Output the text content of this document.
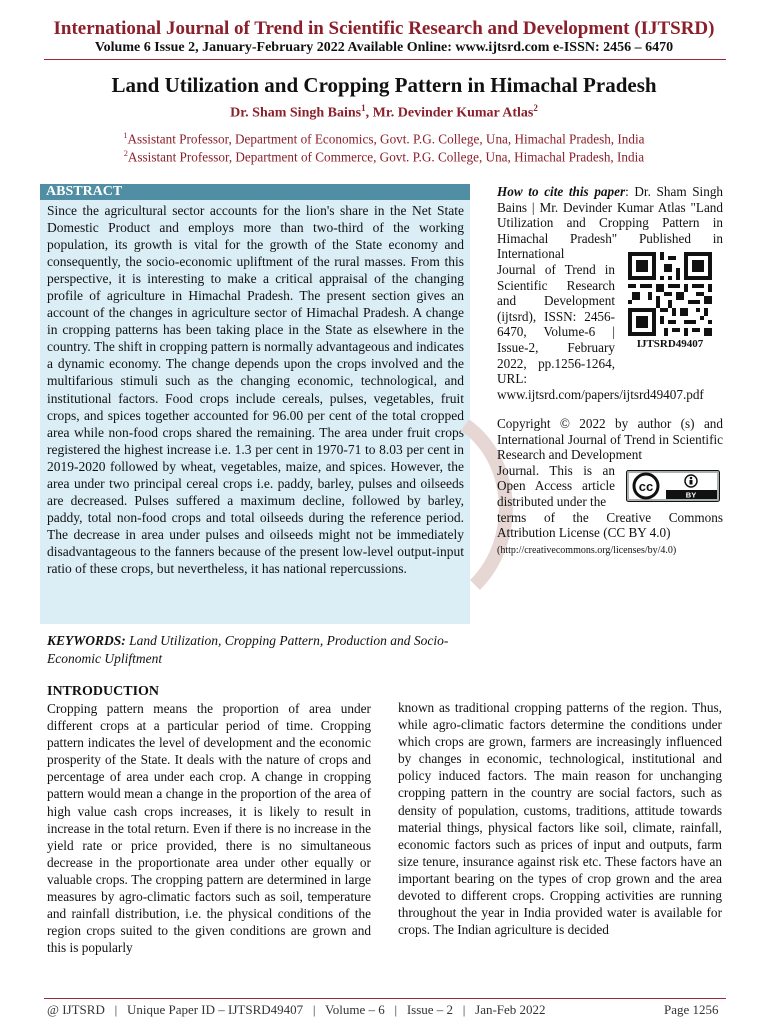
International Journal of Trend in Scientific Research and Development (IJTSRD)
Volume 6 Issue 2, January-February 2022 Available Online: www.ijtsrd.com e-ISSN: 2456 – 6470
Land Utilization and Cropping Pattern in Himachal Pradesh
Dr. Sham Singh Bains$^1$, Mr. Devinder Kumar Atlas$^2$
$^1$Assistant Professor, Department of Economics, Govt. P.G. College, Una, Himachal Pradesh, India
$^2$Assistant Professor, Department of Commerce, Govt. P.G. College, Una, Himachal Pradesh, India
ABSTRACT
Since the agricultural sector accounts for the lion's share in the Net State Domestic Product and employs more than two-third of the working population, its growth is vital for the growth of the State economy and consequently, the socio-economic upliftment of the rural masses. From this perspective, it is interesting to make a critical appraisal of the changing profile of agriculture in Himachal Pradesh. The present section gives an account of the changes in agriculture sector of Himachal Pradesh. A change in cropping patterns has been taking place in the State as elsewhere in the country. The shift in cropping pattern is normally advantageous and indicates a dynamic economy. The change depends upon the crops involved and the multifarious stimuli such as the changing economic, technological, and institutional factors. Food crops include cereals, pulses, vegetables, fruit crops, and spices together accounted for 96.00 per cent of the total cropped area while non-food crops shared the remaining. The area under fruit crops registered the highest increase i.e. 1.3 per cent in 1970-71 to 8.03 per cent in 2019-2020 followed by wheat, vegetables, maize, and spices. However, the area under two principal cereal crops i.e. paddy, barley, pulses and oilseeds are decreased. Pulses suffered a maximum decline, followed by barley, paddy, total non-food crops and total oilseeds during the reference period. The decrease in area under pulses and oilseeds might not be immediately disadvantageous to the fanners because of the present low-level output-input ratio of these crops, but nevertheless, it has national repercussions.
KEYWORDS: Land Utilization, Cropping Pattern, Production and Socio-Economic Upliftment
How to cite this paper: Dr. Sham Singh Bains | Mr. Devinder Kumar Atlas "Land Utilization and Cropping Pattern in Himachal Pradesh" Published in International
Journal of Trend in Scientific Research and Development (ijtsrd), ISSN: 2456-6470, Volume-6 | Issue-2, February 2022, pp.1256-1264, URL:
www.ijtsrd.com/papers/ijtsrd49407.pdf
IJTSRD49407
Copyright © 2022 by author (s) and International Journal of Trend in Scientific Research and Development
Journal. This is an Open Access article distributed under the
terms of the Creative Commons Attribution License (CC BY 4.0)
(http://creativecommons.org/licenses/by/4.0)
cc
BY
INTRODUCTION
Cropping pattern means the proportion of area under different crops at a particular period of time. Cropping pattern indicates the level of development and the economic prosperity of the State. It deals with the nature of crops and percentage of area under each crop. A change in cropping pattern would mean a change in the proportion of the area of high value cash crops increases, it is likely to result in increase in the total return. Even if there is no increase in the yield rate or price provided, there is no simultaneous decrease in the proportionate area under other equally or valuable crops. The cropping pattern are determined in large measures by agro-climatic factors such as soil, temperature and rainfall distribution, i.e. the physical conditions of the region crops suited to the given conditions are grown and this is popularly
known as traditional cropping patterns of the region. Thus, while agro-climatic factors determine the conditions under which crops are grown, farmers are increasingly influenced by changes in economic, technological, institutional and policy induced factors. The main reason for unchanging cropping pattern in the country are social factors, such as density of population, customs, traditions, attitude towards material things, physical factors like soil, climate, rainfall, economic factors such as prices of input and outputs, farm size tenure, insurance against risk etc. These factors have an important bearing on the types of crop grown and the area devoted to different crops. Cropping activities are running throughout the year in India provided water is available for crops. The Indian agriculture is decided
@ IJTSRD   |   Unique Paper ID – IJTSRD49407   |   Volume – 6   |   Issue – 2   |   Jan-Feb 2022	Page 1256
